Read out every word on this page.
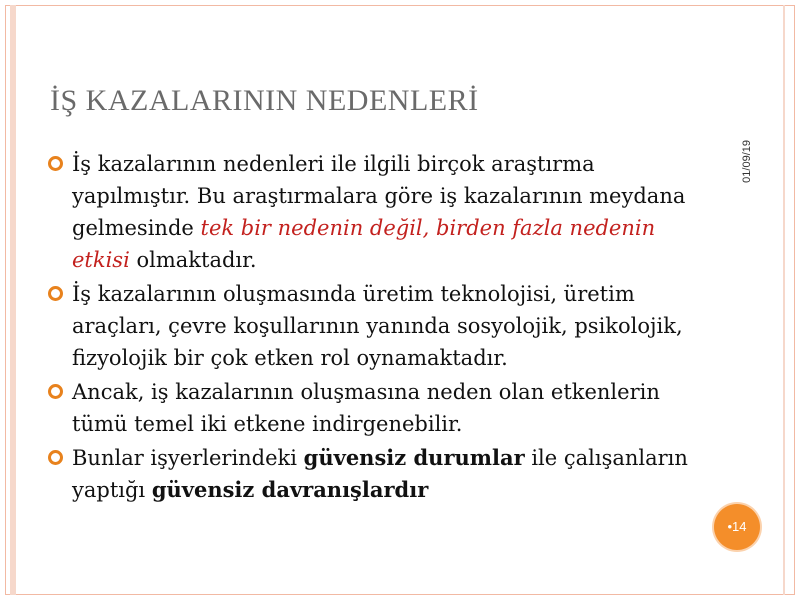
İŞ KAZALARININ NEDENLERİ
01/09/19
İş kazalarının nedenleri ile ilgili birçok araştırma yapılmıştır. Bu araştırmalara göre iş kazalarının meydana gelmesinde tek bir nedenin değil, birden fazla nedenin etkisi olmaktadır.
İş kazalarının oluşmasında üretim teknolojisi, üretim araçları, çevre koşullarının yanında sosyolojik, psikolojik, fizyolojik bir çok etken rol oynamaktadır.
Ancak, iş kazalarının oluşmasına neden olan etkenlerin tümü temel iki etkene indirgenebilir.
Bunlar işyerlerindeki güvensiz durumlar ile çalışanların yaptığı güvensiz davranışlardır
•14
